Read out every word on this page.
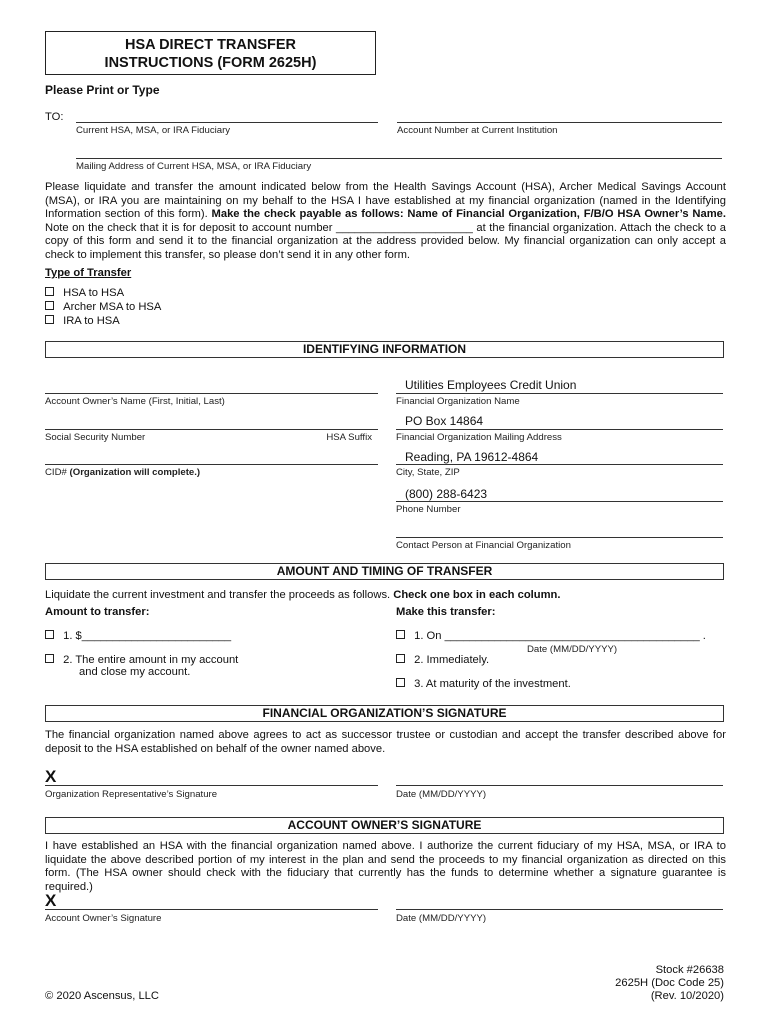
HSA DIRECT TRANSFER
INSTRUCTIONS (FORM 2625H)
Please Print or Type
TO:
Current HSA, MSA, or IRA Fiduciary	Account Number at Current Institution
Mailing Address of Current HSA, MSA, or IRA Fiduciary
Please liquidate and transfer the amount indicated below from the Health Savings Account (HSA), Archer Medical Savings Account (MSA), or IRA you are maintaining on my behalf to the HSA I have established at my financial organization (named in the Identifying Information section of this form). Make the check payable as follows: Name of Financial Organization, F/B/O HSA Owner’s Name. Note on the check that it is for deposit to account number ______________________ at the financial organization. Attach the check to a copy of this form and send it to the financial organization at the address provided below. My financial organization can only accept a check to implement this transfer, so please don’t send it in any other form.
Type of Transfer
HSA to HSA
Archer MSA to HSA
IRA to HSA
IDENTIFYING INFORMATION
Account Owner’s Name (First, Initial, Last)
Social Security Number	HSA Suffix
CID# (Organization will complete.)
Utilities Employees Credit Union
Financial Organization Name
PO Box 14864
Financial Organization Mailing Address
Reading, PA 19612-4864
City, State, ZIP
(800) 288-6423
Phone Number
Contact Person at Financial Organization
AMOUNT AND TIMING OF TRANSFER
Liquidate the current investment and transfer the proceeds as follows. Check one box in each column.
Amount to transfer:	Make this transfer:
1. $________________________
2. The entire amount in my account
and close my account.
1. On _________________________________________ .
Date (MM/DD/YYYY)
2. Immediately.
3. At maturity of the investment.
FINANCIAL ORGANIZATION’S SIGNATURE
The financial organization named above agrees to act as successor trustee or custodian and accept the transfer described above for deposit to the HSA established on behalf of the owner named above.
X
Organization Representative’s Signature	Date (MM/DD/YYYY)
ACCOUNT OWNER’S SIGNATURE
I have established an HSA with the financial organization named above. I authorize the current fiduciary of my HSA, MSA, or IRA to liquidate the above described portion of my interest in the plan and send the proceeds to my financial organization as directed on this form. (The HSA owner should check with the fiduciary that currently has the funds to determine whether a signature guarantee is required.)
X
Account Owner’s Signature	Date (MM/DD/YYYY)
© 2020 Ascensus, LLC
Stock #26638
2625H (Doc Code 25)
(Rev. 10/2020)
